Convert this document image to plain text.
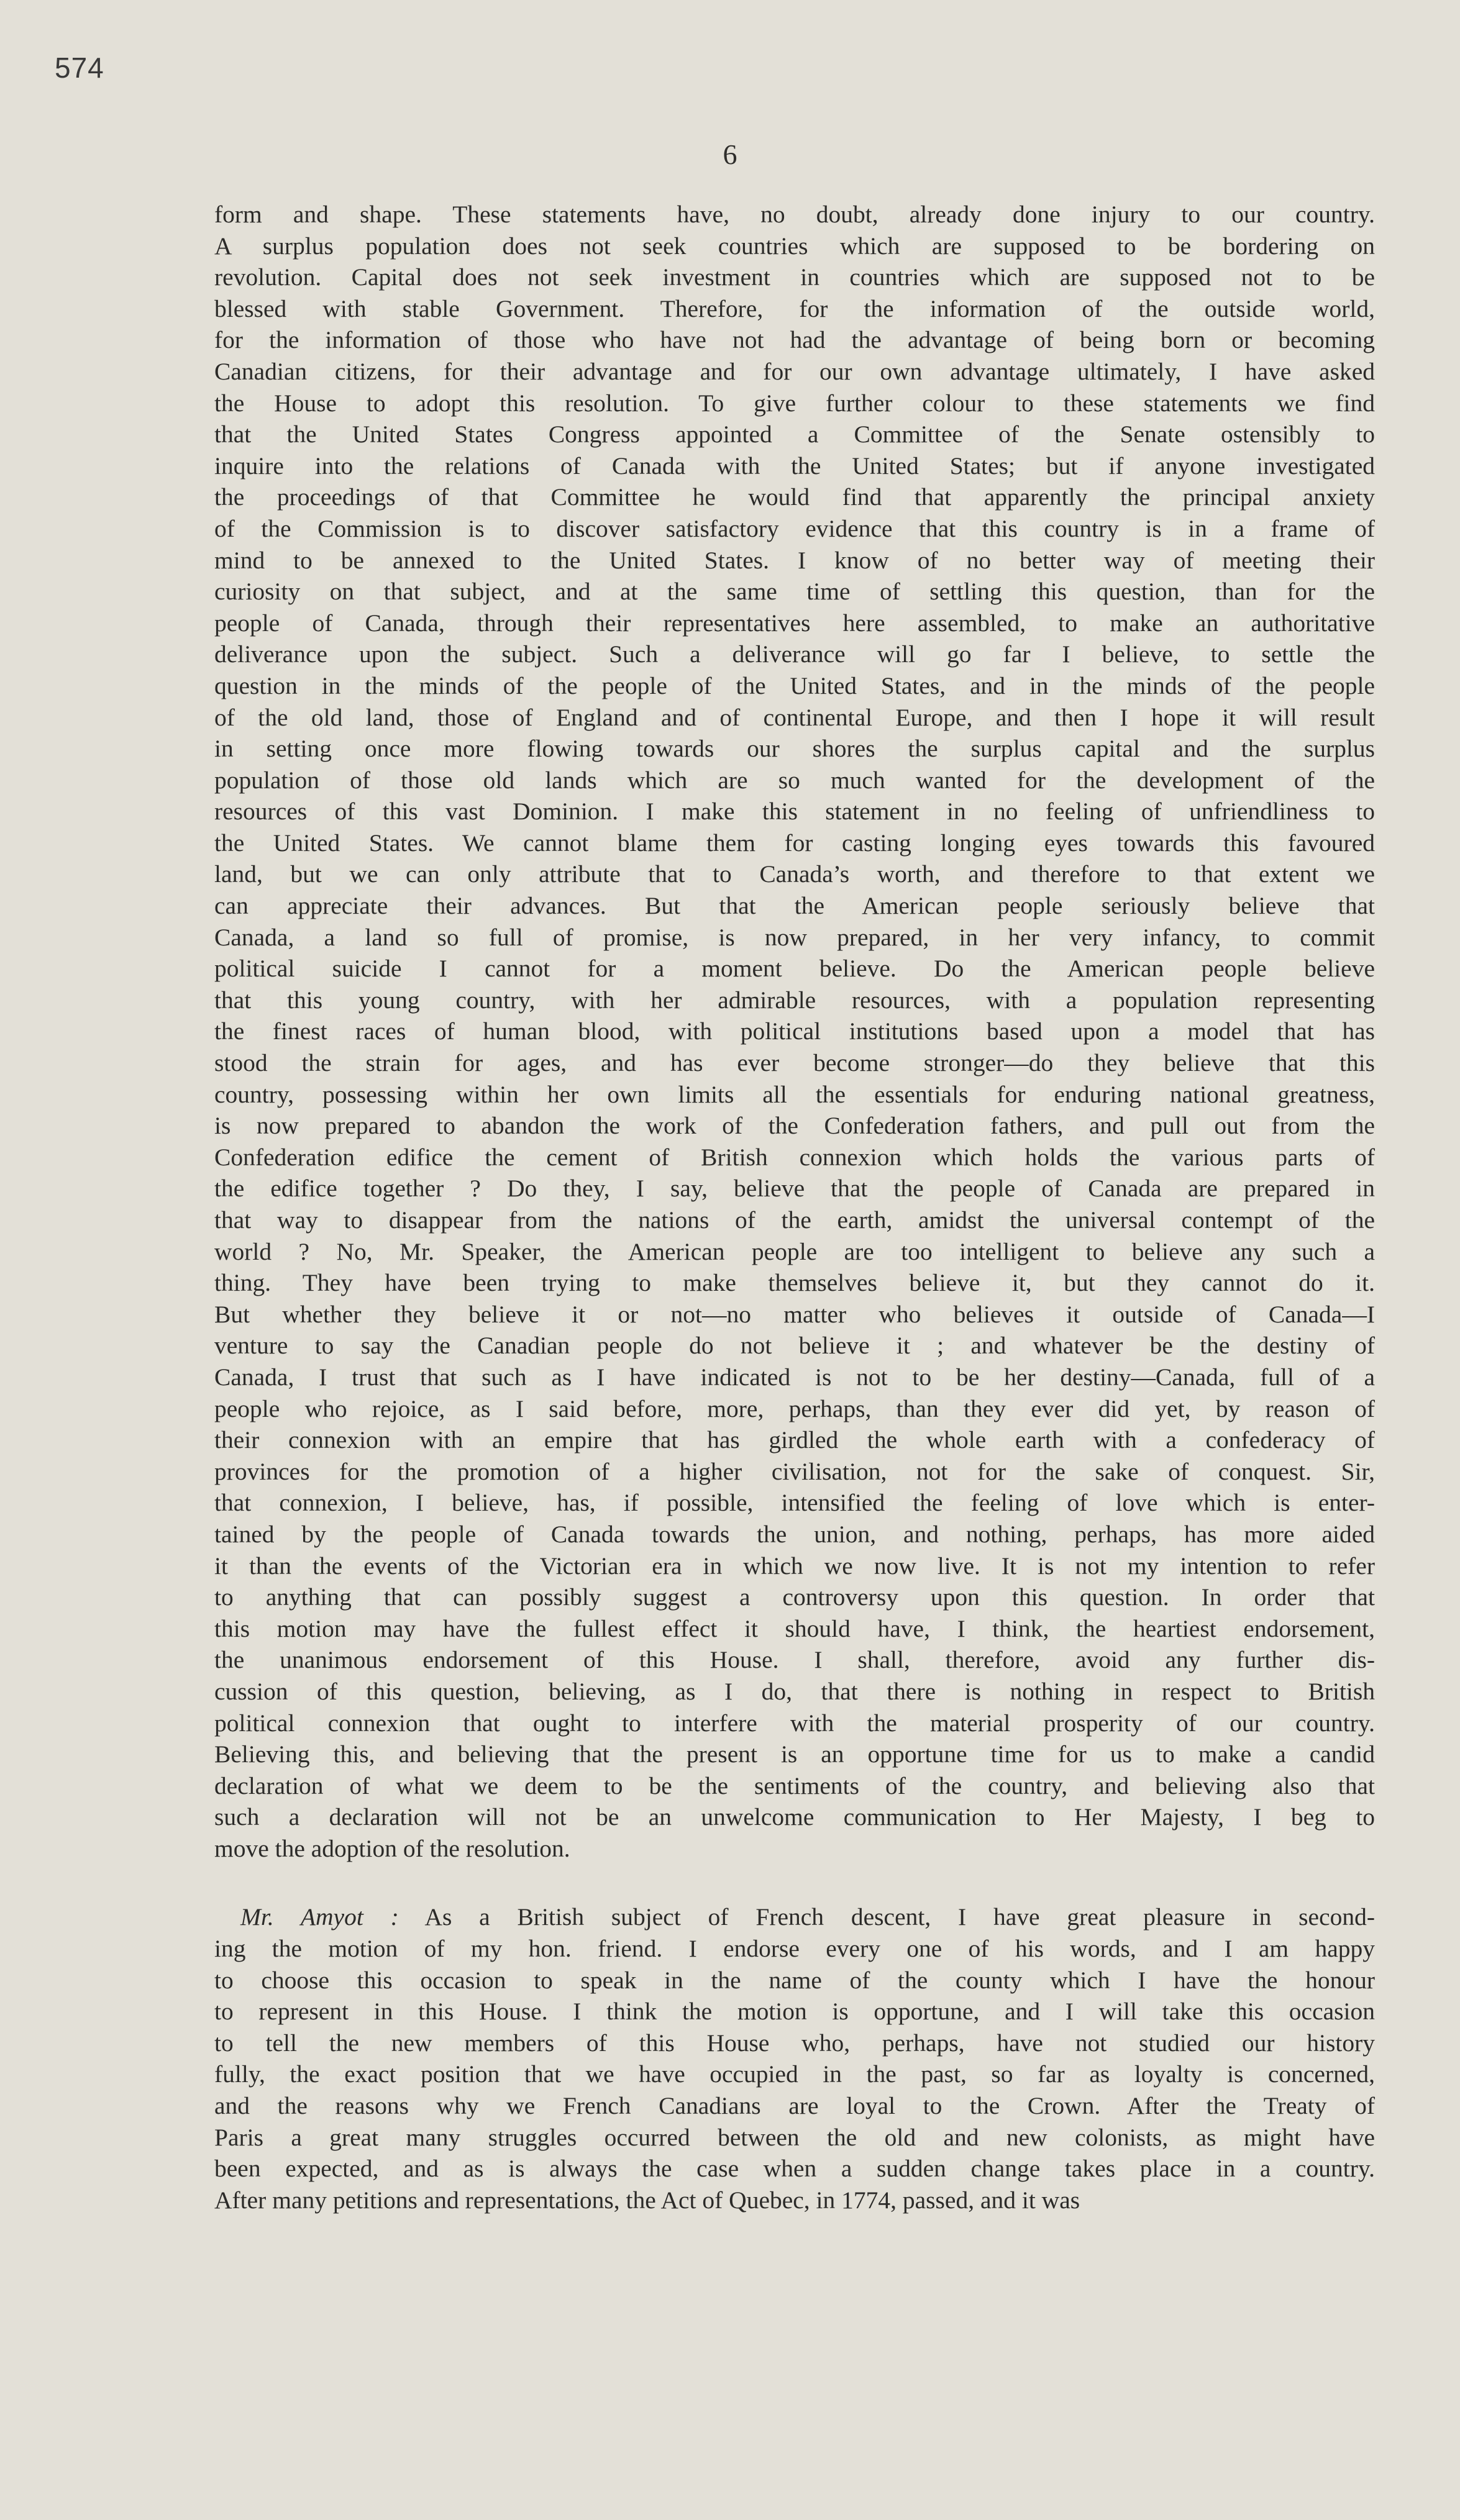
574
6

form and shape. These statements have, no doubt, already done injury to our country.
A surplus population does not seek countries which are supposed to be bordering on
revolution. Capital does not seek investment in countries which are supposed not to be
blessed with stable Government. Therefore, for the information of the outside world,
for the information of those who have not had the advantage of being born or becoming
Canadian citizens, for their advantage and for our own advantage ultimately, I have asked
the House to adopt this resolution. To give further colour to these statements we find
that the United States Congress appointed a Committee of the Senate ostensibly to
inquire into the relations of Canada with the United States; but if anyone investigated
the proceedings of that Committee he would find that apparently the principal anxiety
of the Commission is to discover satisfactory evidence that this country is in a frame of
mind to be annexed to the United States. I know of no better way of meeting their
curiosity on that subject, and at the same time of settling this question, than for the
people of Canada, through their representatives here assembled, to make an authoritative
deliverance upon the subject. Such a deliverance will go far I believe, to settle the
question in the minds of the people of the United States, and in the minds of the people
of the old land, those of England and of continental Europe, and then I hope it will result
in setting once more flowing towards our shores the surplus capital and the surplus
population of those old lands which are so much wanted for the development of the
resources of this vast Dominion. I make this statement in no feeling of unfriendliness to
the United States. We cannot blame them for casting longing eyes towards this favoured
land, but we can only attribute that to Canada’s worth, and therefore to that extent we
can appreciate their advances. But that the American people seriously believe that
Canada, a land so full of promise, is now prepared, in her very infancy, to commit
political suicide I cannot for a moment believe. Do the American people believe
that this young country, with her admirable resources, with a population representing
the finest races of human blood, with political institutions based upon a model that has
stood the strain for ages, and has ever become stronger—do they believe that this
country, possessing within her own limits all the essentials for enduring national greatness,
is now prepared to abandon the work of the Confederation fathers, and pull out from the
Confederation edifice the cement of British connexion which holds the various parts of
the edifice together ? Do they, I say, believe that the people of Canada are prepared in
that way to disappear from the nations of the earth, amidst the universal contempt of the
world ? No, Mr. Speaker, the American people are too intelligent to believe any such a
thing. They have been trying to make themselves believe it, but they cannot do it.
But whether they believe it or not—no matter who believes it outside of Canada—I
venture to say the Canadian people do not believe it ; and whatever be the destiny of
Canada, I trust that such as I have indicated is not to be her destiny—Canada, full of a
people who rejoice, as I said before, more, perhaps, than they ever did yet, by reason of
their connexion with an empire that has girdled the whole earth with a confederacy of
provinces for the promotion of a higher civilisation, not for the sake of conquest. Sir,
that connexion, I believe, has, if possible, intensified the feeling of love which is enter-
tained by the people of Canada towards the union, and nothing, perhaps, has more aided
it than the events of the Victorian era in which we now live. It is not my intention to refer
to anything that can possibly suggest a controversy upon this question. In order that
this motion may have the fullest effect it should have, I think, the heartiest endorsement,
the unanimous endorsement of this House. I shall, therefore, avoid any further dis-
cussion of this question, believing, as I do, that there is nothing in respect to British
political connexion that ought to interfere with the material prosperity of our country.
Believing this, and believing that the present is an opportune time for us to make a candid
declaration of what we deem to be the sentiments of the country, and believing also that
such a declaration will not be an unwelcome communication to Her Majesty, I beg to
move the adoption of the resolution.

Mr. Amyot : As a British subject of French descent, I have great pleasure in second-
ing the motion of my hon. friend. I endorse every one of his words, and I am happy
to choose this occasion to speak in the name of the county which I have the honour
to represent in this House. I think the motion is opportune, and I will take this occasion
to tell the new members of this House who, perhaps, have not studied our history
fully, the exact position that we have occupied in the past, so far as loyalty is concerned,
and the reasons why we French Canadians are loyal to the Crown. After the Treaty of
Paris a great many struggles occurred between the old and new colonists, as might have
been expected, and as is always the case when a sudden change takes place in a country.
After many petitions and representations, the Act of Quebec, in 1774, passed, and it was
